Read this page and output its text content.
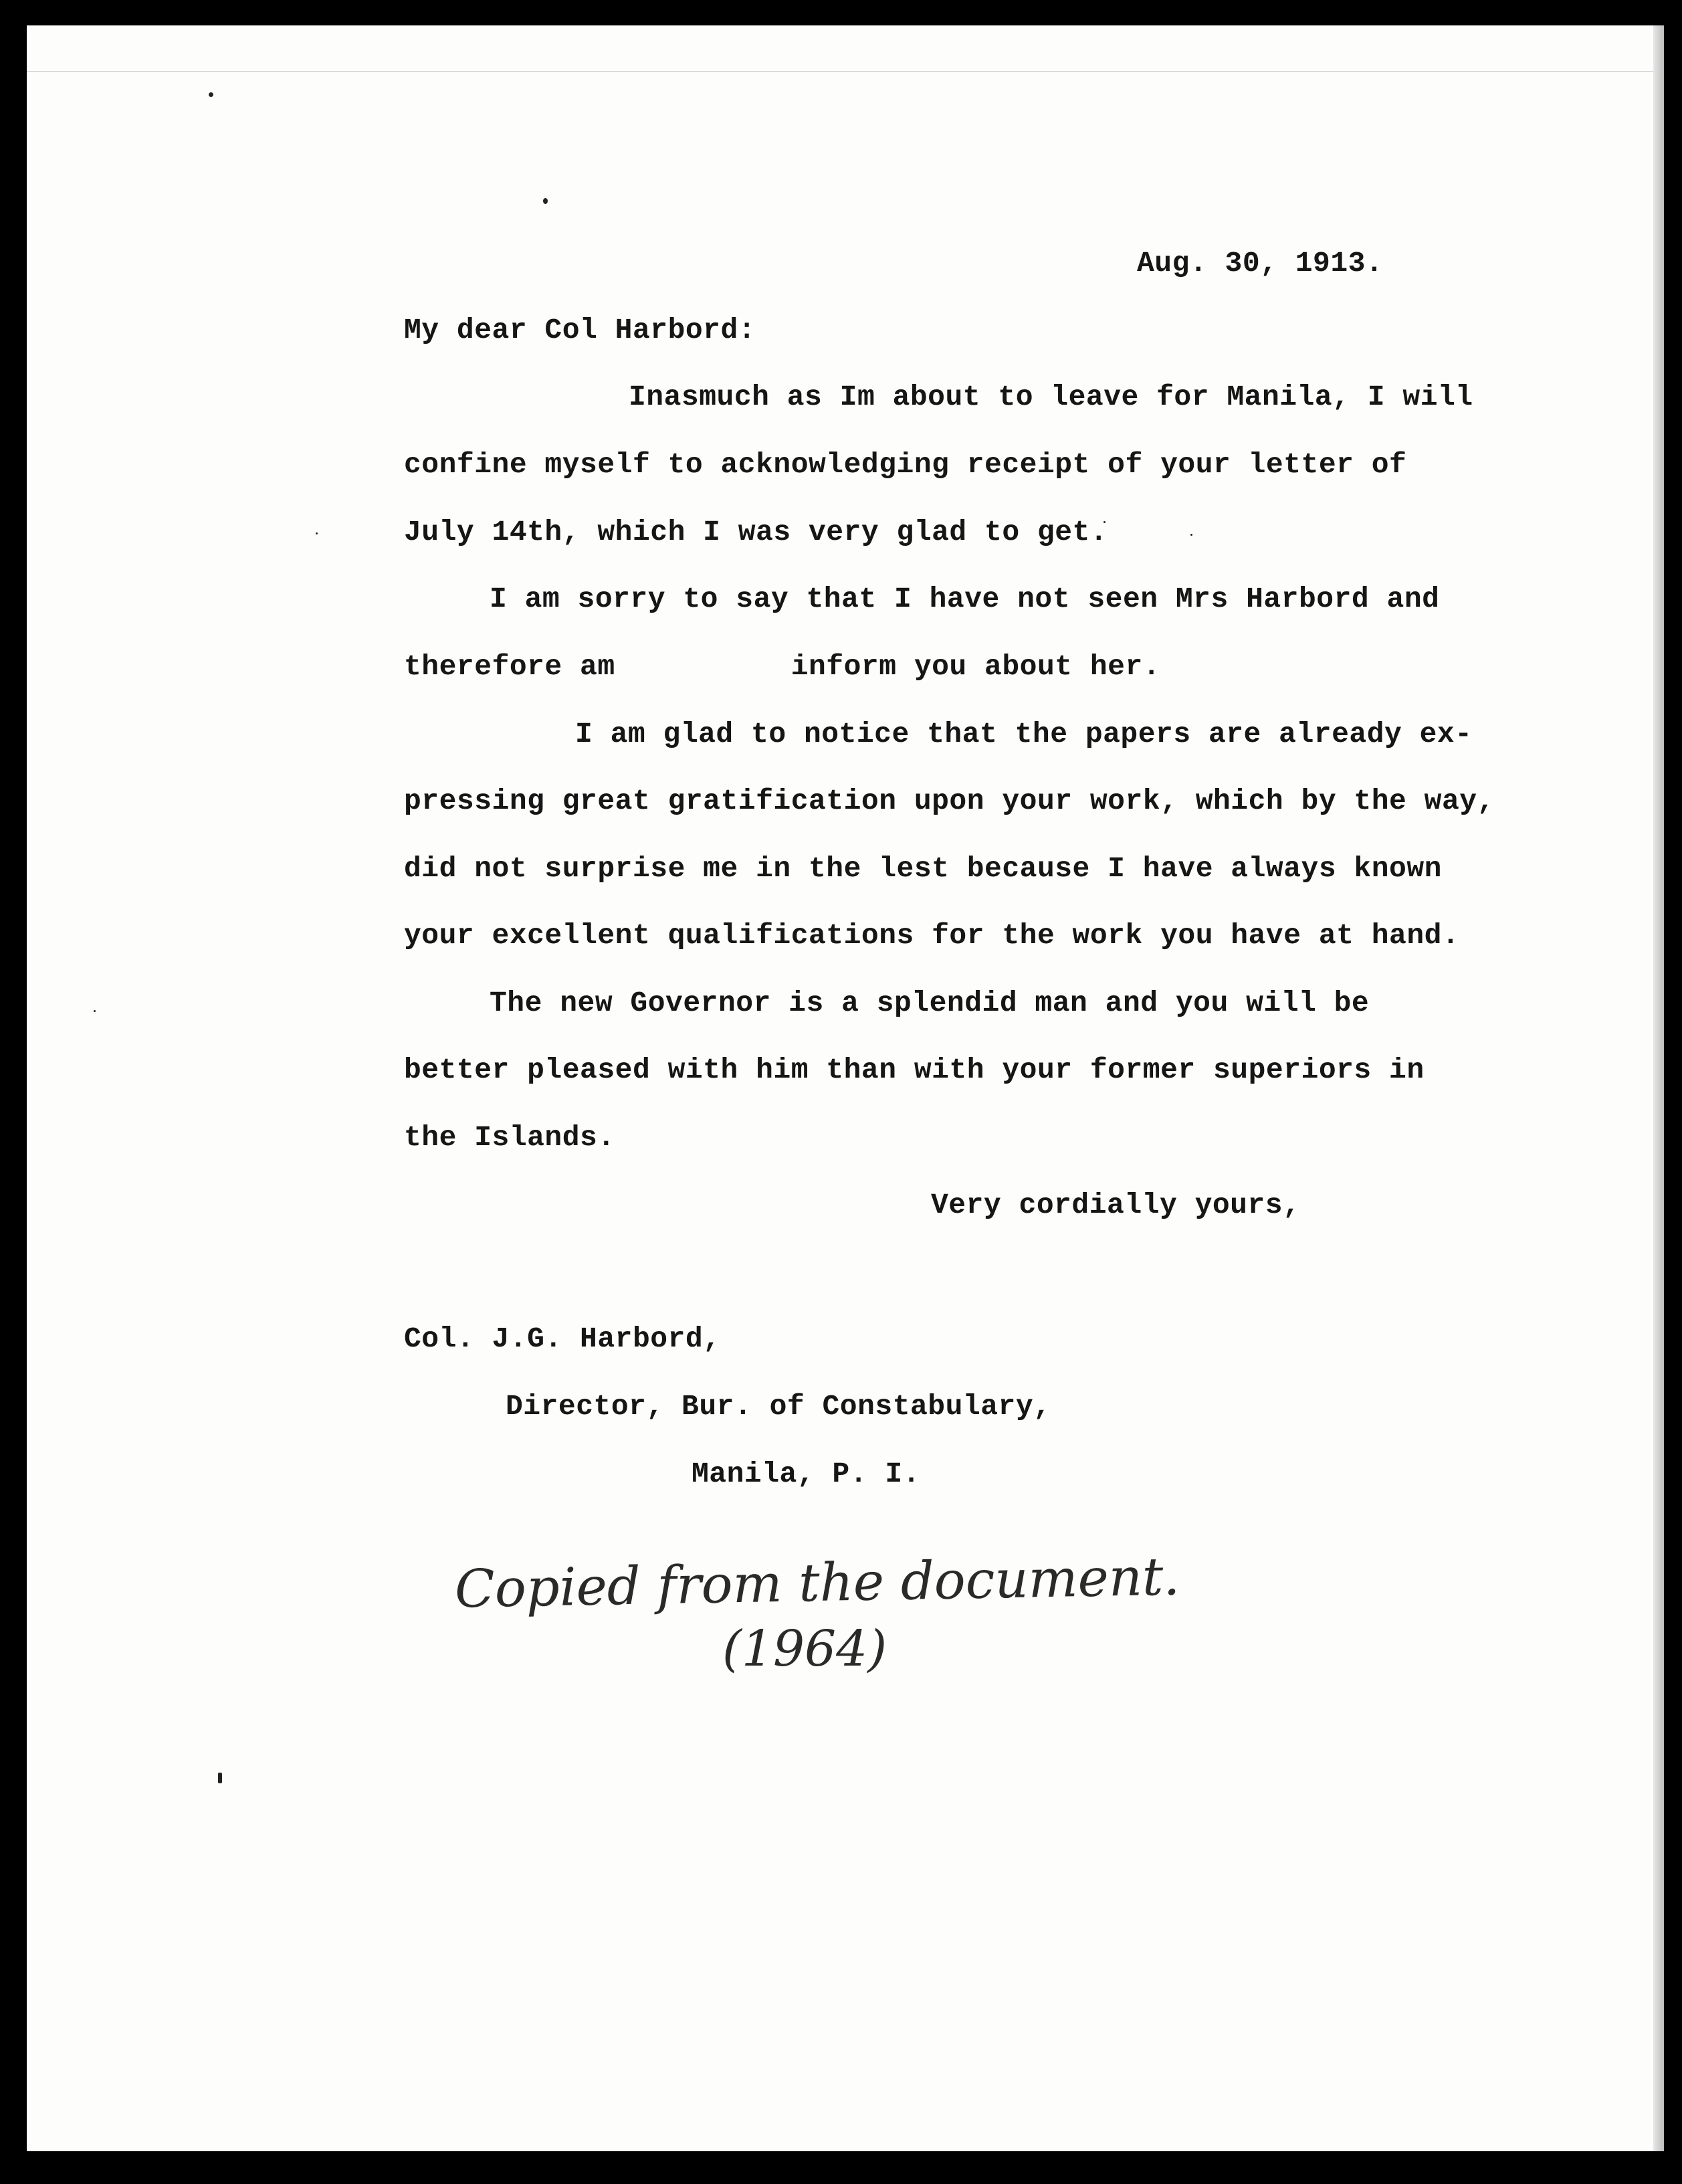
Aug. 30, 1913.
My dear Col Harbord:
Inasmuch as Im about to leave for Manila, I will
confine myself to acknowledging receipt of your letter of
July 14th, which I was very glad to get.
I am sorry to say that I have not seen Mrs Harbord and
therefore am          inform you about her.
I am glad to notice that the papers are already ex-
pressing great gratification upon your work, which by the way,
did not surprise me in the lest because I have always known
your excellent qualifications for the work you have at hand.
The new Governor is a splendid man and you will be
better pleased with him than with your former superiors in
the Islands.
Very cordially yours,
Col. J.G. Harbord,
Director, Bur. of Constabulary,
Manila, P. I.
Copied from the document.
(1964)
